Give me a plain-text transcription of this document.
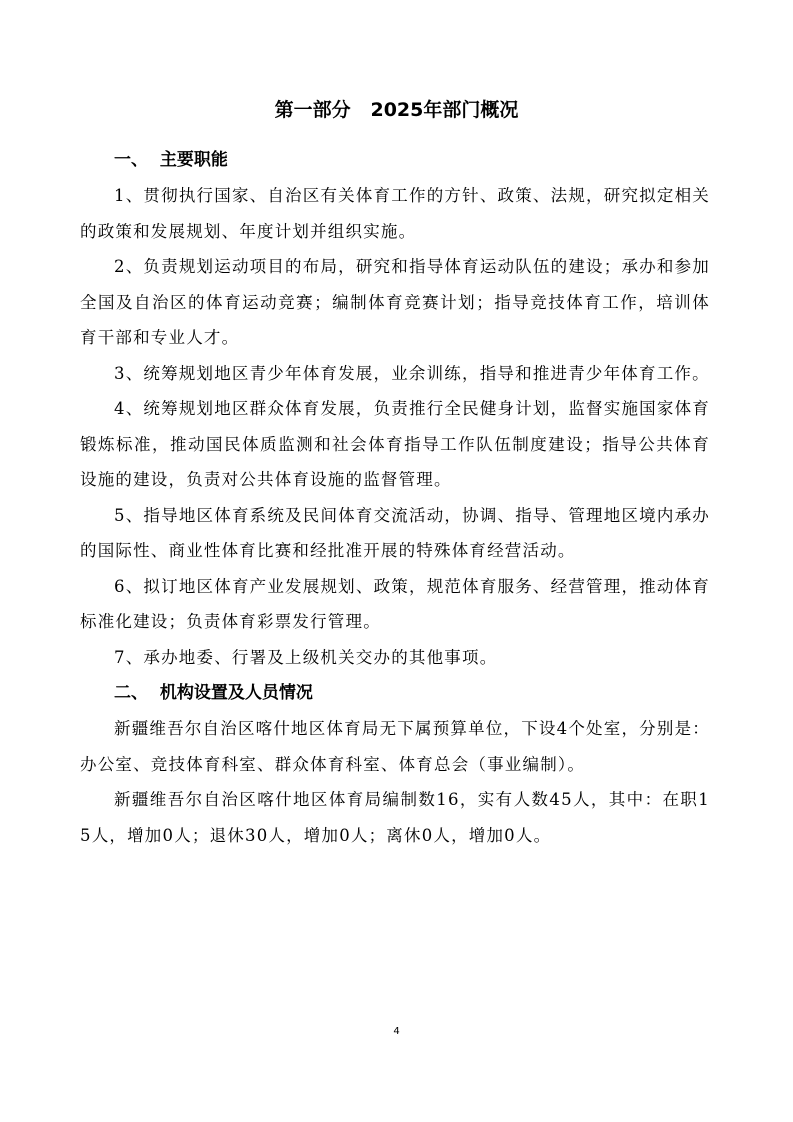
第一部分   2025年部门概况

一、  主要职能

1、贯彻执行国家、自治区有关体育工作的方针、政策、法规，研究拟定相关的政策和发展规划、年度计划并组织实施。

2、负责规划运动项目的布局，研究和指导体育运动队伍的建设；承办和参加全国及自治区的体育运动竞赛；编制体育竞赛计划；指导竞技体育工作，培训体育干部和专业人才。

3、统筹规划地区青少年体育发展，业余训练，指导和推进青少年体育工作。

4、统筹规划地区群众体育发展，负责推行全民健身计划，监督实施国家体育锻炼标准，推动国民体质监测和社会体育指导工作队伍制度建设；指导公共体育设施的建设，负责对公共体育设施的监督管理。

5、指导地区体育系统及民间体育交流活动，协调、指导、管理地区境内承办的国际性、商业性体育比赛和经批准开展的特殊体育经营活动。

6、拟订地区体育产业发展规划、政策，规范体育服务、经营管理，推动体育标准化建设；负责体育彩票发行管理。

7、承办地委、行署及上级机关交办的其他事项。

二、  机构设置及人员情况

新疆维吾尔自治区喀什地区体育局无下属预算单位，下设4个处室，分别是：办公室、竞技体育科室、群众体育科室、体育总会（事业编制）。

新疆维吾尔自治区喀什地区体育局编制数16，实有人数45人，其中：在职15人，增加0人；退休30人，增加0人；离休0人，增加0人。

4
